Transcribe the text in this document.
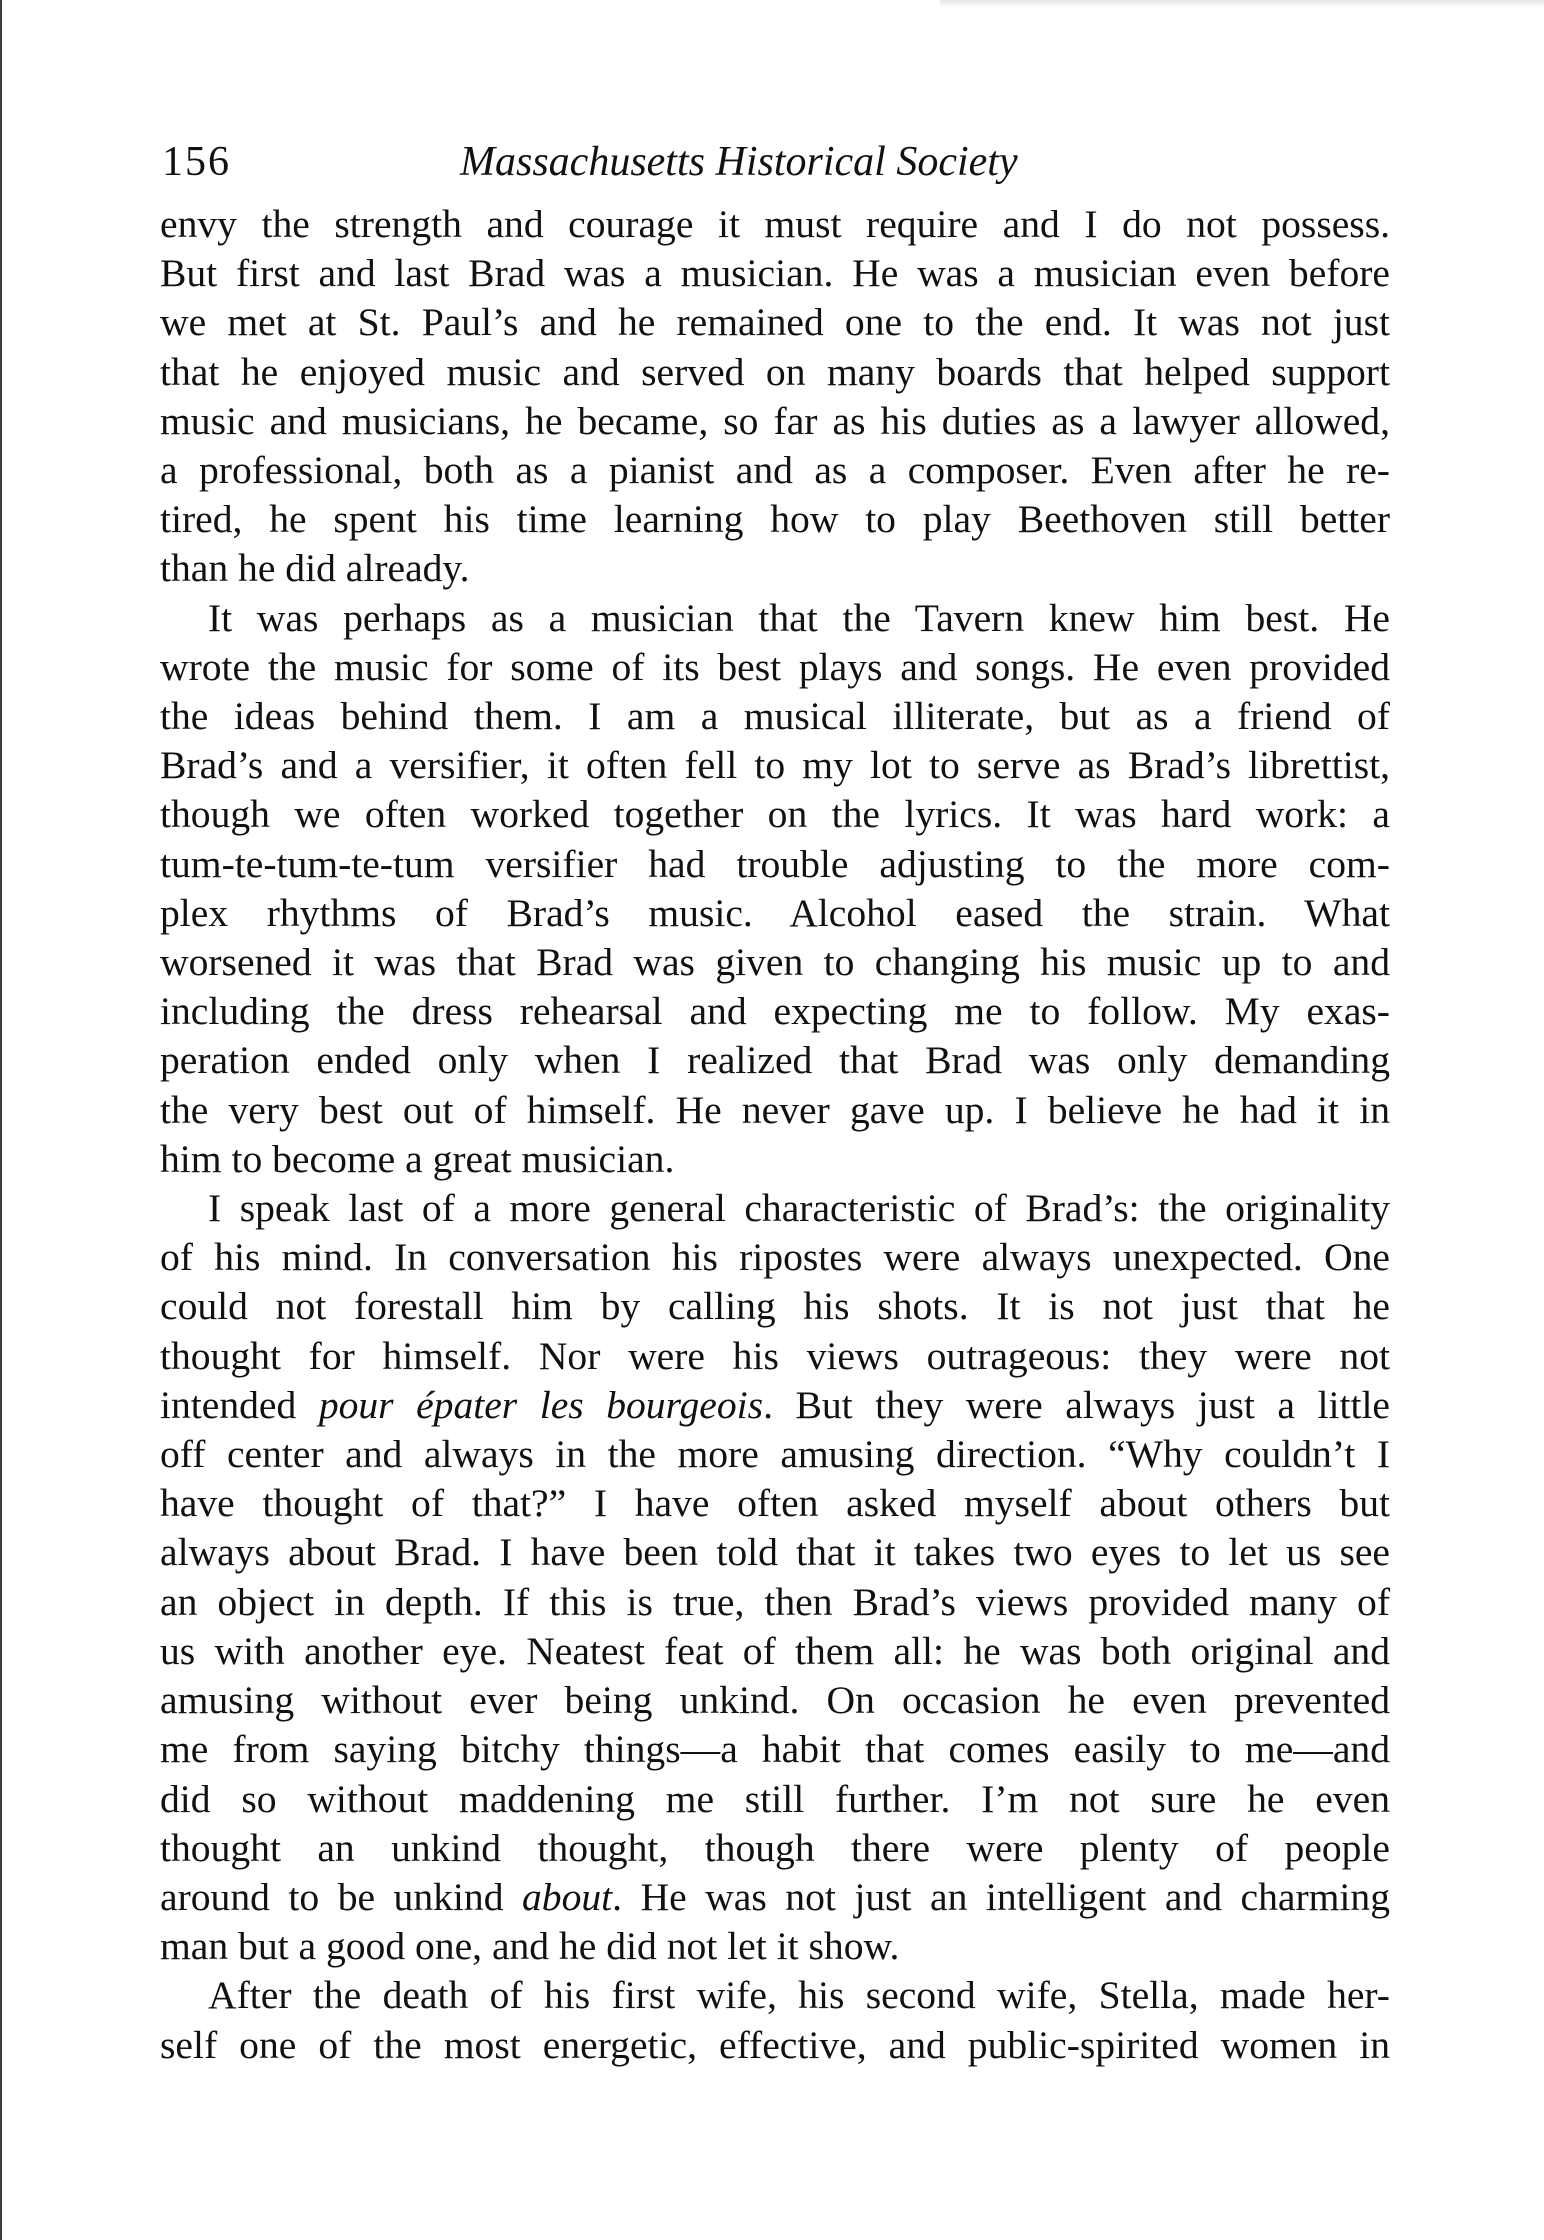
156	Massachusetts Historical Society
envy the strength and courage it must require and I do not possess.
But first and last Brad was a musician. He was a musician even before
we met at St. Paul’s and he remained one to the end. It was not just
that he enjoyed music and served on many boards that helped support
music and musicians, he became, so far as his duties as a lawyer allowed,
a professional, both as a pianist and as a composer. Even after he re-
tired, he spent his time learning how to play Beethoven still better
than he did already.
It was perhaps as a musician that the Tavern knew him best. He
wrote the music for some of its best plays and songs. He even provided
the ideas behind them. I am a musical illiterate, but as a friend of
Brad’s and a versifier, it often fell to my lot to serve as Brad’s librettist,
though we often worked together on the lyrics. It was hard work: a
tum-te-tum-te-tum versifier had trouble adjusting to the more com-
plex rhythms of Brad’s music. Alcohol eased the strain. What
worsened it was that Brad was given to changing his music up to and
including the dress rehearsal and expecting me to follow. My exas-
peration ended only when I realized that Brad was only demanding
the very best out of himself. He never gave up. I believe he had it in
him to become a great musician.
I speak last of a more general characteristic of Brad’s: the originality
of his mind. In conversation his ripostes were always unexpected. One
could not forestall him by calling his shots. It is not just that he
thought for himself. Nor were his views outrageous: they were not
intended pour épater les bourgeois. But they were always just a little
off center and always in the more amusing direction. “Why couldn’t I
have thought of that?” I have often asked myself about others but
always about Brad. I have been told that it takes two eyes to let us see
an object in depth. If this is true, then Brad’s views provided many of
us with another eye. Neatest feat of them all: he was both original and
amusing without ever being unkind. On occasion he even prevented
me from saying bitchy things—a habit that comes easily to me—and
did so without maddening me still further. I’m not sure he even
thought an unkind thought, though there were plenty of people
around to be unkind about. He was not just an intelligent and charming
man but a good one, and he did not let it show.
After the death of his first wife, his second wife, Stella, made her-
self one of the most energetic, effective, and public-spirited women in
